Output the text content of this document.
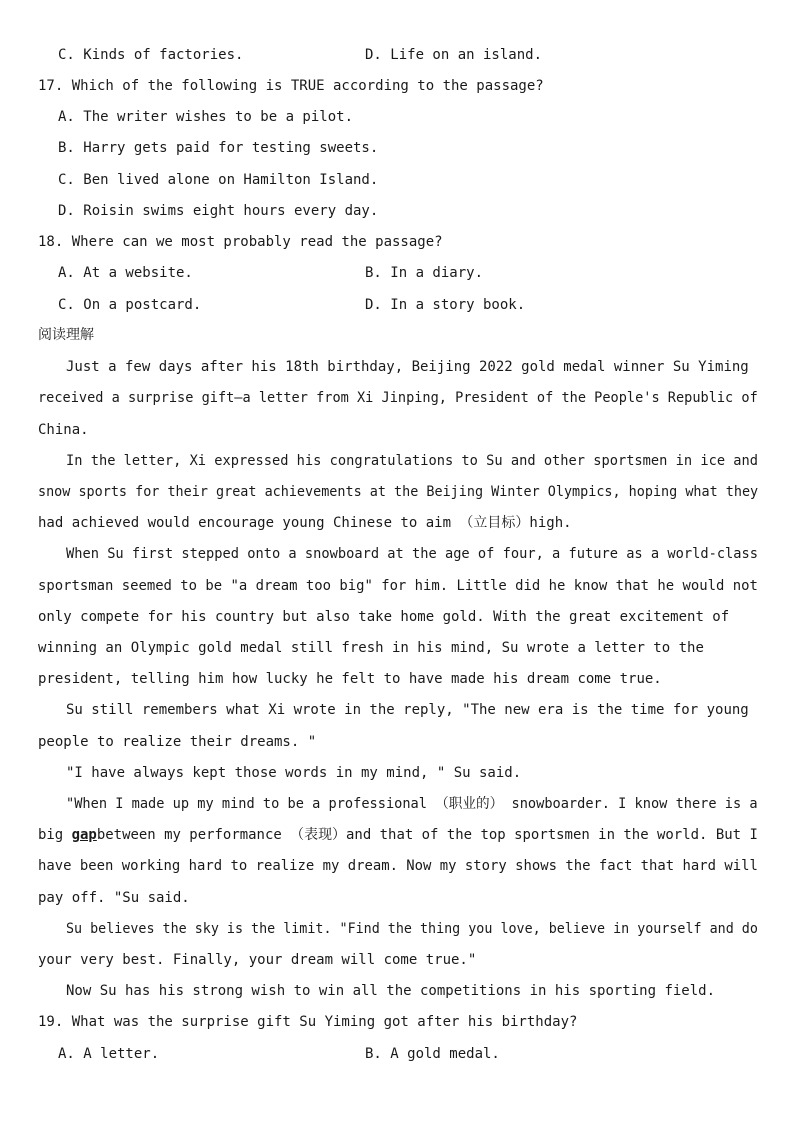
C. Kinds of factories.	D. Life on an island.
17. Which of the following is TRUE according to the passage?
A. The writer wishes to be a pilot.
B. Harry gets paid for testing sweets.
C. Ben lived alone on Hamilton Island.
D. Roisin swims eight hours every day.
18. Where can we most probably read the passage?
A. At a website.	B. In a diary.
C. On a postcard.	D. In a story book.
阅读理解
Just a few days after his 18th birthday, Beijing 2022 gold medal winner Su Yiming
received a surprise gift—a letter from Xi Jinping, President of the People's Republic of
China.
In the letter, Xi expressed his congratulations to Su and other sportsmen in ice and
snow sports for their great achievements at the Beijing Winter Olympics, hoping what they
had achieved would encourage young Chinese to aim （立目标）high.
When Su first stepped onto a snowboard at the age of four, a future as a world-class
sportsman seemed to be "a dream too big" for him. Little did he know that he would not
only compete for his country but also take home gold. With the great excitement of
winning an Olympic gold medal still fresh in his mind, Su wrote a letter to the
president, telling him how lucky he felt to have made his dream come true.
Su still remembers what Xi wrote in the reply, "The new era is the time for young
people to realize their dreams. "
"I have always kept those words in my mind, " Su said.
"When I made up my mind to be a professional （职业的） snowboarder. I know there is a
big gapbetween my performance （表现）and that of the top sportsmen in the world. But I
have been working hard to realize my dream. Now my story shows the fact that hard will
pay off. "Su said.
Su believes the sky is the limit. "Find the thing you love, believe in yourself and do
your very best. Finally, your dream will come true."
Now Su has his strong wish to win all the competitions in his sporting field.
19. What was the surprise gift Su Yiming got after his birthday?
A. A letter.	B. A gold medal.
